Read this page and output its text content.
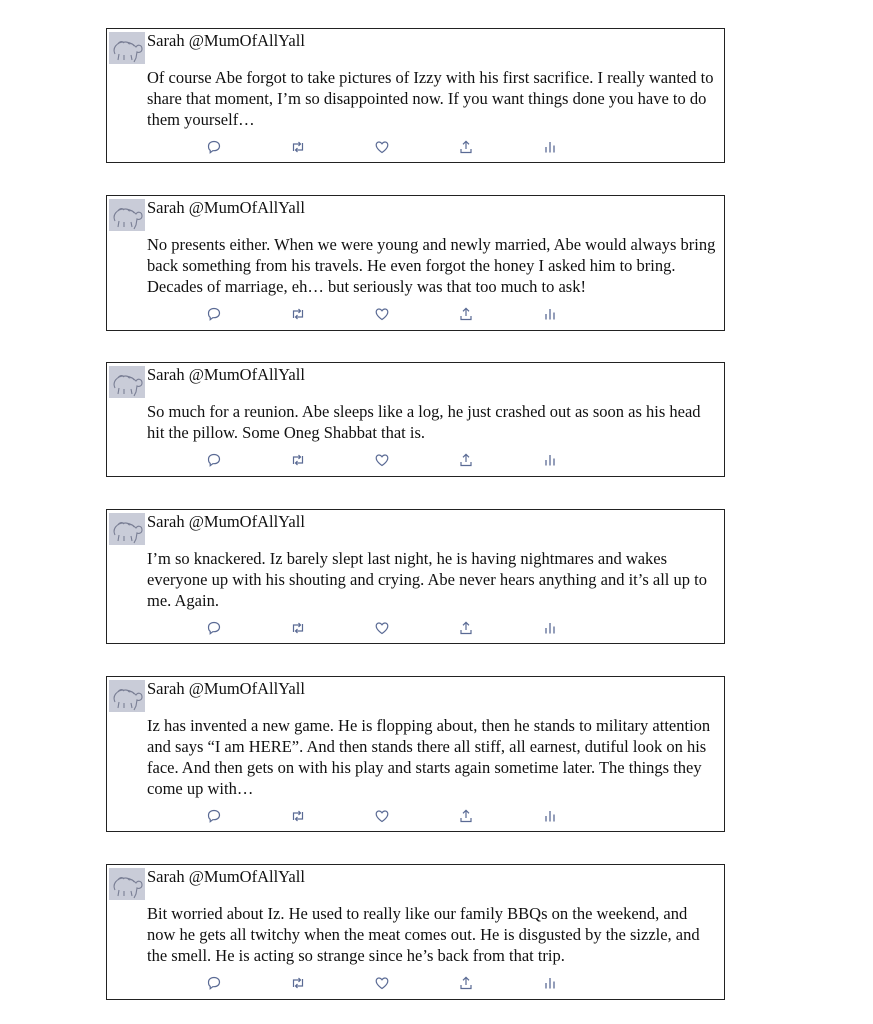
Sarah @MumOfAllYall
Of course Abe forgot to take pictures of Izzy with his first sacrifice. I really wanted to share that moment, I’m so disappointed now. If you want things done you have to do them yourself…
Sarah @MumOfAllYall
No presents either. When we were young and newly married, Abe would always bring back something from his travels. He even forgot the honey I asked him to bring. Decades of marriage, eh… but seriously was that too much to ask!
Sarah @MumOfAllYall
So much for a reunion. Abe sleeps like a log, he just crashed out as soon as his head hit the pillow. Some Oneg Shabbat that is.
Sarah @MumOfAllYall
I’m so knackered. Iz barely slept last night, he is having nightmares and wakes everyone up with his shouting and crying. Abe never hears anything and it’s all up to me. Again.
Sarah @MumOfAllYall
Iz has invented a new game. He is flopping about, then he stands to military attention and says “I am HERE”. And then stands there all stiff, all earnest, dutiful look on his face. And then gets on with his play and starts again sometime later. The things they come up with…
Sarah @MumOfAllYall
Bit worried about Iz. He used to really like our family BBQs on the weekend, and now he gets all twitchy when the meat comes out. He is disgusted by the sizzle, and the smell. He is acting so strange since he’s back from that trip.
